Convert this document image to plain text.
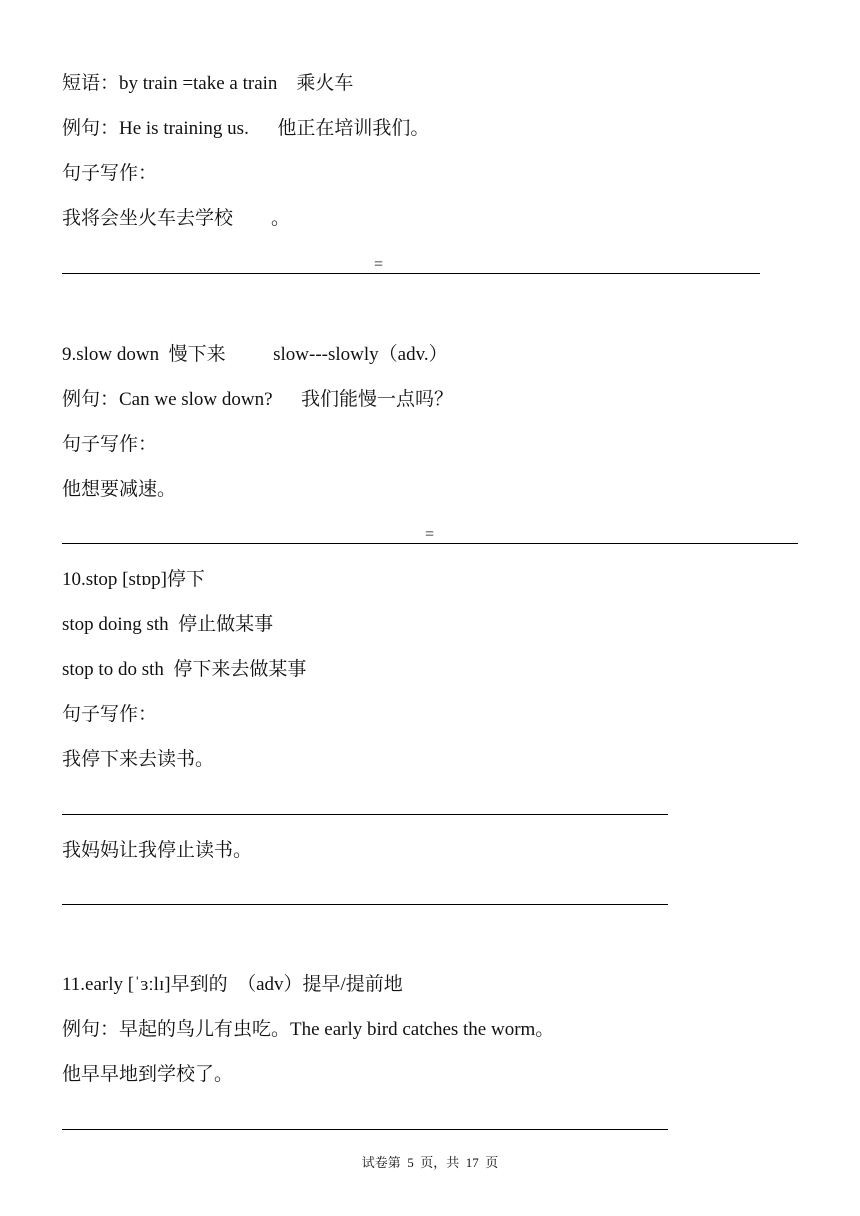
短语：by train =take a train    乘火车
例句：He is training us.      他正在培训我们。
句子写作：
我将会坐火车去学校        。
=
9.slow down  慢下来          slow---slowly（adv.）
例句：Can we slow down?      我们能慢一点吗？
句子写作：
他想要减速。
=
10.stop [stɒp]停下
stop doing sth  停止做某事
stop to do sth  停下来去做某事
句子写作：
我停下来去读书。
我妈妈让我停止读书。
11.early [ˈɜːlɪ]早到的  （adv）提早/提前地
例句：早起的鸟儿有虫吃。The early bird catches the worm。
他早早地到学校了。
试卷第  5  页，共  17  页
